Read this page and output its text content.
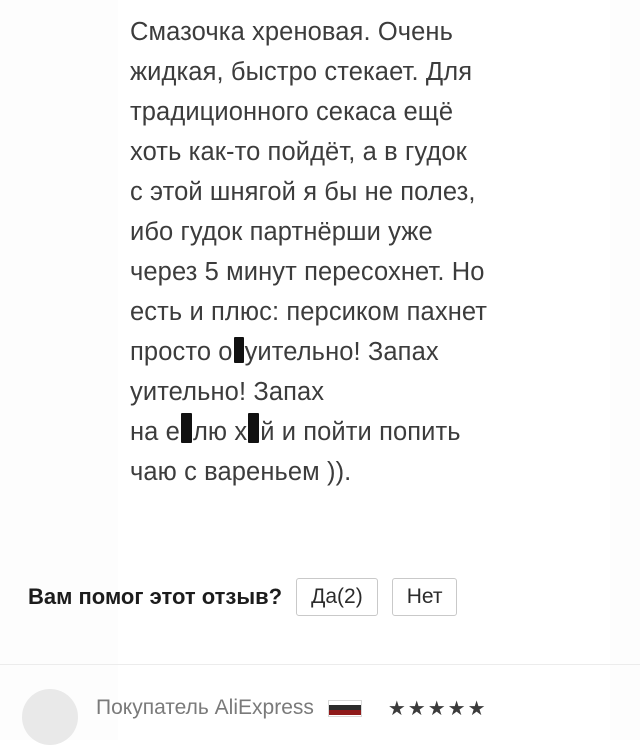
Смазочка хреновая. Очень
жидкая, быстро стекает. Для
традиционного секаса ещё
хоть как-то пойдёт, а в гудок
с этой шнягой я бы не полез,
ибо гудок партнёрши уже
через 5 минут пересохнет. Но
есть и плюс: персиком пахнет
просто о уительно! Запах
уительно! Запах
на е лю х й и пойти попить
чаю с вареньем )).

Вам помог этот отзыв?	Да(2)	Нет
Покупатель AliExpress	★★★★★
